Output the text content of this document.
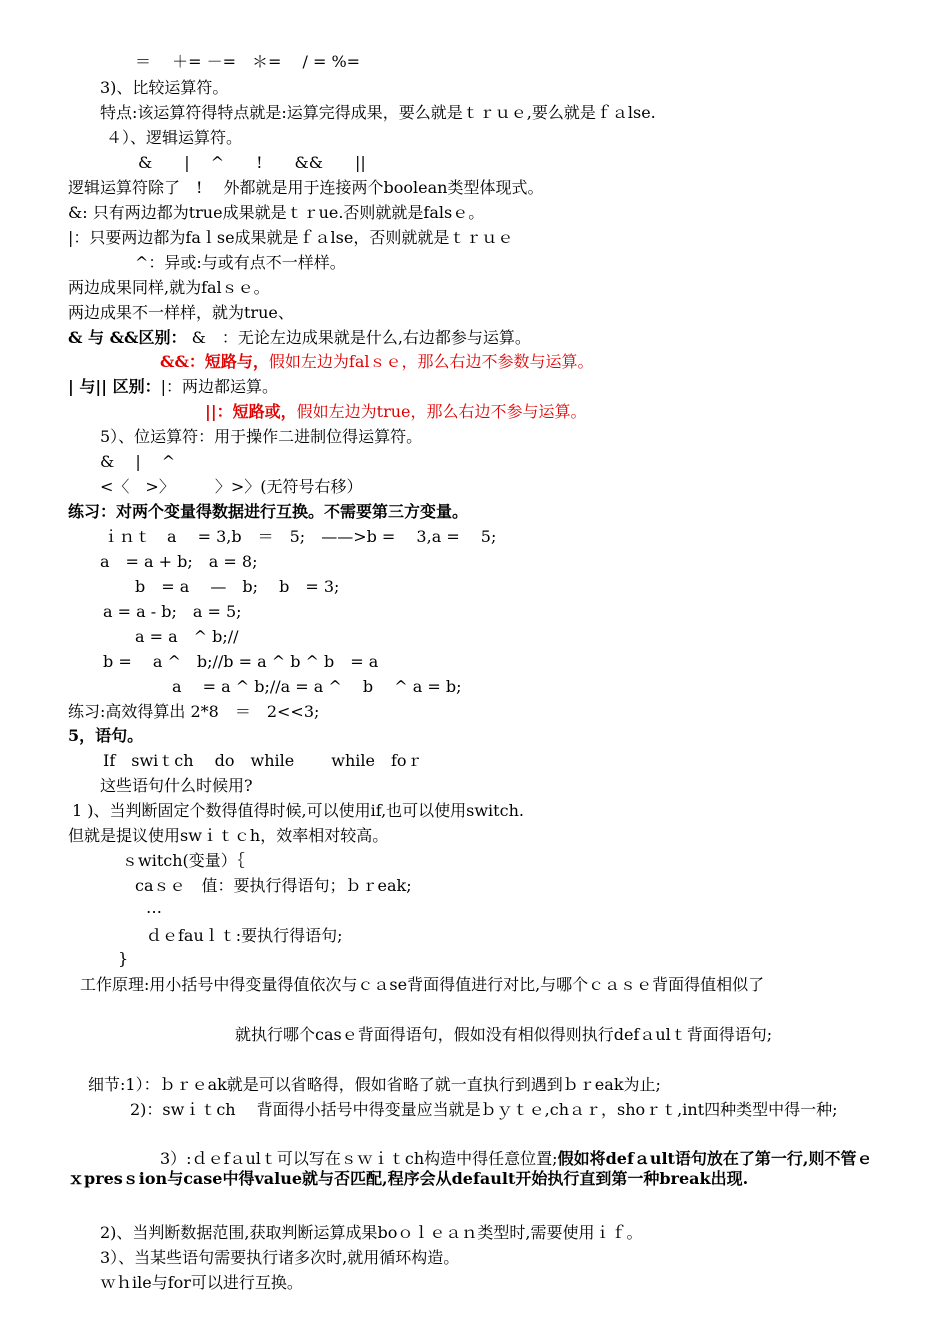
＝　 ＋= －=　＊=　 / = %=
3)、比较运算符。
特点:该运算符得特点就是:运算完得成果，要么就是ｔｒｕｅ,要么就是ｆａlse.
４）、逻辑运算符。
&　　|　 ^　　!　　&&　　||
逻辑运算符除了　!　 外都就是用于连接两个boolean类型体现式。
&: 只有两边都为true成果就是ｔｒue.否则就就是falsｅ。
|：只要两边都为faｌse成果就是ｆａlse，否则就就是ｔｒｕｅ
^：异或:与或有点不一样样。
两边成果同样,就为falｓｅ。
两边成果不一样样，就为true、
& 与 &&区别： &　：无论左边成果就是什么,右边都参与运算。
&&：短路与，假如左边为falｓｅ，那么右边不参数与运算。
| 与|| 区别：|：两边都运算。
||：短路或，假如左边为true，那么右边不参与运算。
5）、位运算符：用于操作二进制位得运算符。
&　 |　 ^
<〈　>〉　　　〉>〉(无符号右移）
练习：对两个变量得数据进行互换。不需要第三方变量。
ｉｎｔ　a　 = 3,b　＝　5;　——>b = 　3,a = 　5;
a　= a + b;　a = 8;
b　= a　 —　b;　 b　= 3;
a = a - b;　a = 5;
a = a　^ b;//
b = 　a ^　b;//b = a ^ b ^ b　= a
a　 = a ^ b;//a = a ^　 b　 ^ a = b;
练习:高效得算出 2*8　＝　2<<3;
5，语句。
If　swiｔch　 do　while　　 while　foｒ
这些语句什么时候用?
1 )、当判断固定个数得值得时候,可以使用if,也可以使用switch.
但就是提议使用swｉｔｃh，效率相对较高。
ｓwitch(变量）｛
caｓｅ　值：要执行得语句；ｂｒeak;
…
ｄｅfauｌｔ:要执行得语句;
}
工作原理:用小括号中得变量得值依次与ｃａse背面得值进行对比,与哪个ｃａｓｅ背面得值相似了
就执行哪个casｅ背面得语句，假如没有相似得则执行defａulｔ背面得语句;
细节:1）：ｂｒｅak就是可以省略得，假如省略了就一直执行到遇到ｂｒeak为止;
2)：swｉｔch　 背面得小括号中得变量应当就是ｂｙｔｅ,chａｒ，shoｒｔ,int四种类型中得一种;
3）:ｄｅfａulｔ可以写在ｓｗｉｔch构造中得任意位置;假如将defａult语句放在了第一行,则不管ｅｘpresｓion与case中得value就与否匹配,程序会从default开始执行直到第一种break出现.
2)、当判断数据范围,获取判断运算成果boｏｌｅａｎ类型时,需要使用ｉｆ。
3）、当某些语句需要执行诸多次时,就用循环构造。
ｗｈile与for可以进行互换。
